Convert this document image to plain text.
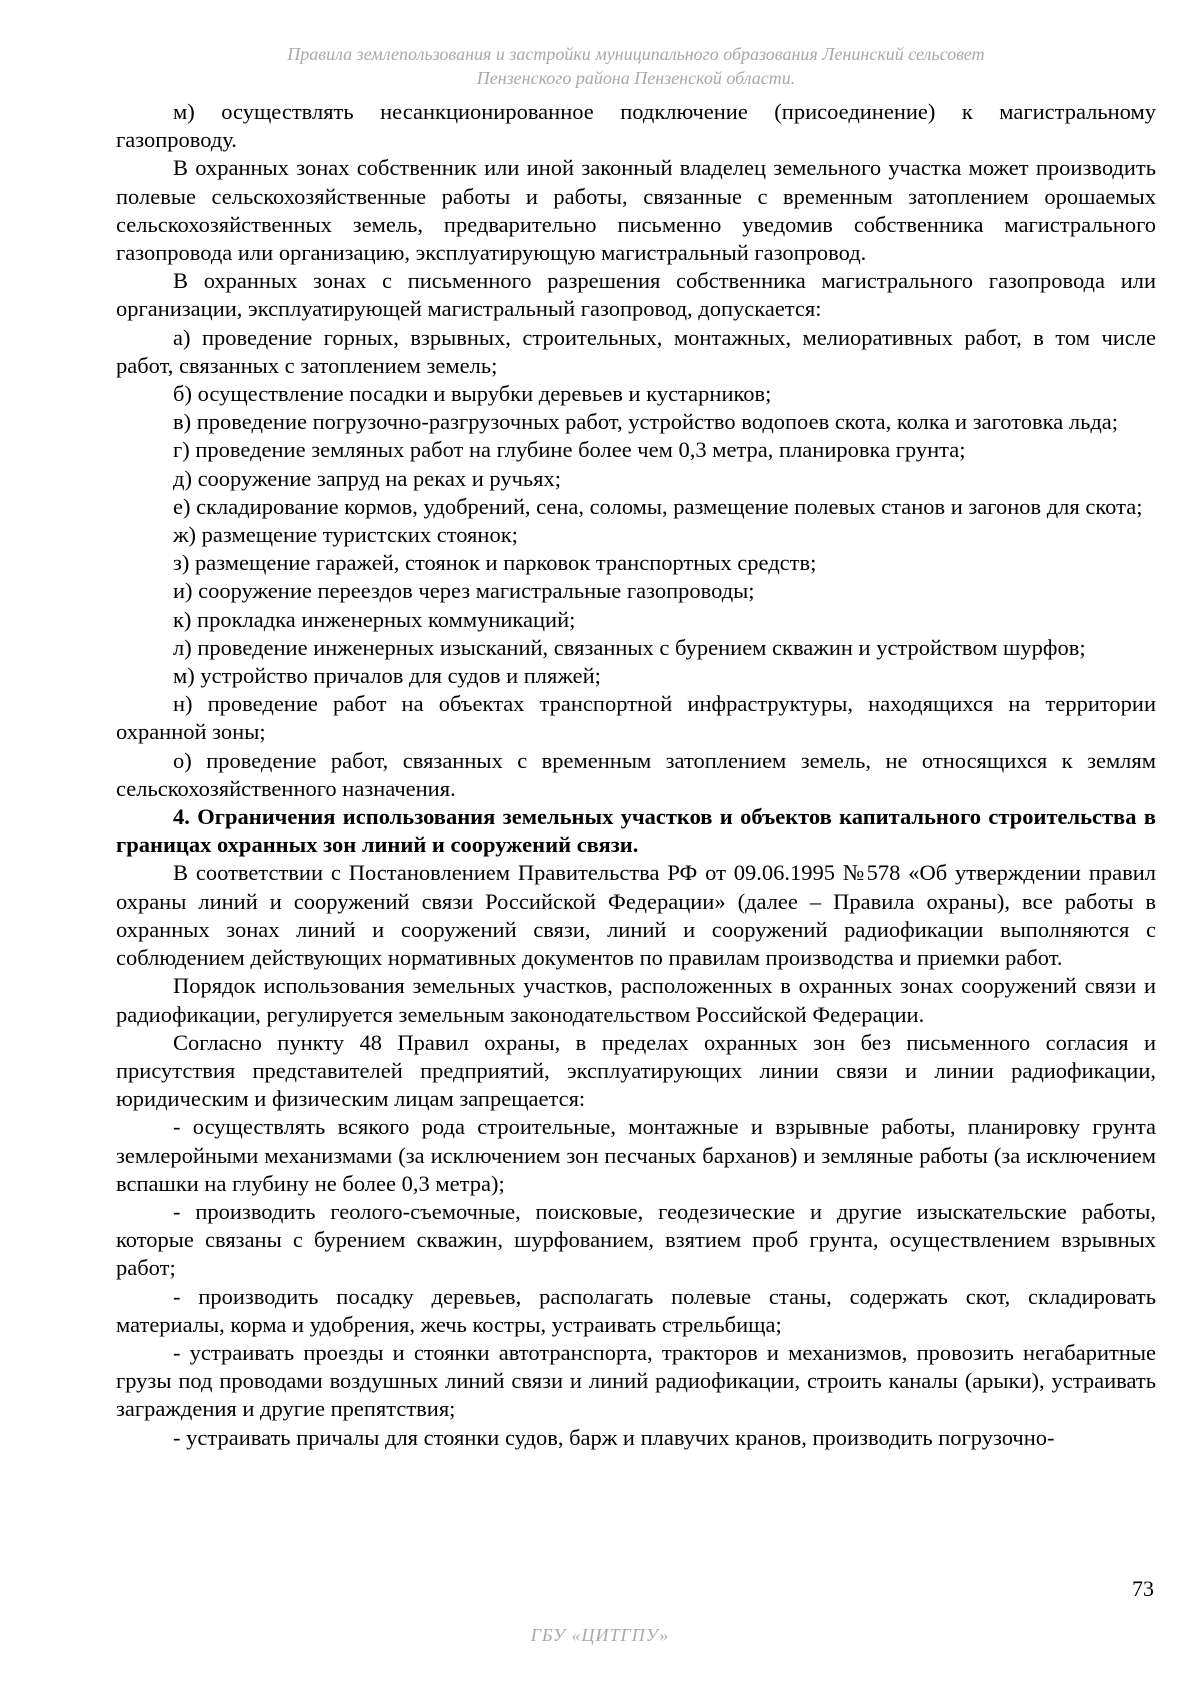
Правила землепользования и застройки муниципального образования Ленинский сельсовет
Пензенского района Пензенской области.

м) осуществлять несанкционированное подключение (присоединение) к магистральному газопроводу.

В охранных зонах собственник или иной законный владелец земельного участка может производить полевые сельскохозяйственные работы и работы, связанные с временным затоплением орошаемых сельскохозяйственных земель, предварительно письменно уведомив собственника магистрального газопровода или организацию, эксплуатирующую магистральный газопровод.

В охранных зонах с письменного разрешения собственника магистрального газопровода или организации, эксплуатирующей магистральный газопровод, допускается:

а) проведение горных, взрывных, строительных, монтажных, мелиоративных работ, в том числе работ, связанных с затоплением земель;

б) осуществление посадки и вырубки деревьев и кустарников;

в) проведение погрузочно-разгрузочных работ, устройство водопоев скота, колка и заготовка льда;

г) проведение земляных работ на глубине более чем 0,3 метра, планировка грунта;

д) сооружение запруд на реках и ручьях;

е) складирование кормов, удобрений, сена, соломы, размещение полевых станов и загонов для скота;

ж) размещение туристских стоянок;

з) размещение гаражей, стоянок и парковок транспортных средств;

и) сооружение переездов через магистральные газопроводы;

к) прокладка инженерных коммуникаций;

л) проведение инженерных изысканий, связанных с бурением скважин и устройством шурфов;

м) устройство причалов для судов и пляжей;

н) проведение работ на объектах транспортной инфраструктуры, находящихся на территории охранной зоны;

о) проведение работ, связанных с временным затоплением земель, не относящихся к землям сельскохозяйственного назначения.

4. Ограничения использования земельных участков и объектов капитального строительства в границах охранных зон линий и сооружений связи.

В соответствии с Постановлением Правительства РФ от 09.06.1995 №578 «Об утверждении правил охраны линий и сооружений связи Российской Федерации» (далее – Правила охраны), все работы в охранных зонах линий и сооружений связи, линий и сооружений радиофикации выполняются с соблюдением действующих нормативных документов по правилам производства и приемки работ.

Порядок использования земельных участков, расположенных в охранных зонах сооружений связи и радиофикации, регулируется земельным законодательством Российской Федерации.

Согласно пункту 48 Правил охраны, в пределах охранных зон без письменного согласия и присутствия представителей предприятий, эксплуатирующих линии связи и линии радиофикации, юридическим и физическим лицам запрещается:

- осуществлять всякого рода строительные, монтажные и взрывные работы, планировку грунта землеройными механизмами (за исключением зон песчаных барханов) и земляные работы (за исключением вспашки на глубину не более 0,3 метра);

- производить геолого-съемочные, поисковые, геодезические и другие изыскательские работы, которые связаны с бурением скважин, шурфованием, взятием проб грунта, осуществлением взрывных работ;

- производить посадку деревьев, располагать полевые станы, содержать скот, складировать материалы, корма и удобрения, жечь костры, устраивать стрельбища;

- устраивать проезды и стоянки автотранспорта, тракторов и механизмов, провозить негабаритные грузы под проводами воздушных линий связи и линий радиофикации, строить каналы (арыки), устраивать заграждения и другие препятствия;

- устраивать причалы для стоянки судов, барж и плавучих кранов, производить погрузочно-

73
ГБУ «ЦИТГПУ»
